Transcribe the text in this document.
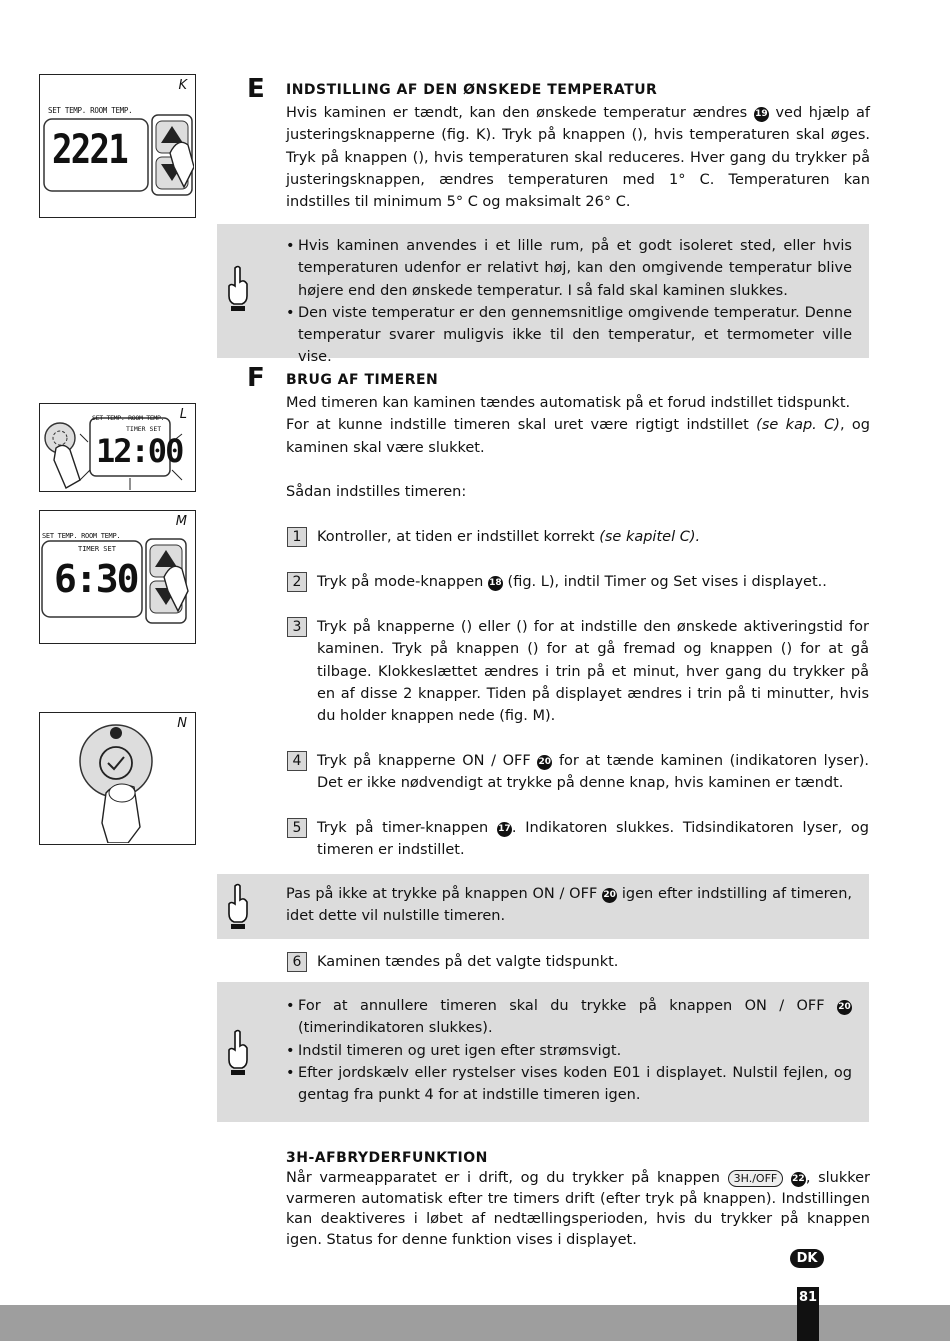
K
SET TEMP. ROOM TEMP.
2221
L
SET TEMP. ROOM TEMP.
TIMER SET
12:00
M
SET TEMP. ROOM TEMP.
TIMER SET
6:30
N
E INDSTILLING AF DEN ØNSKEDE TEMPERATUR

Hvis kaminen er tændt, kan den ønskede temperatur ændres 19 ved hjælp af justeringsknapperne (fig. K). Tryk på knappen (), hvis temperaturen skal øges. Tryk på knappen (), hvis temperaturen skal reduceres. Hver gang du trykker på justeringsknappen, ændres temperaturen med 1° C. Temperaturen kan indstilles til minimum 5° C og maksimalt 26° C.

• Hvis kaminen anvendes i et lille rum, på et godt isoleret sted, eller hvis temperaturen udenfor er relativt høj, kan den omgivende temperatur blive højere end den ønskede temperatur. I så fald skal kaminen slukkes.
• Den viste temperatur er den gennemsnitlige omgivende temperatur. Denne temperatur svarer muligvis ikke til den temperatur, et termometer ville vise.
F BRUG AF TIMEREN

Med timeren kan kaminen tændes automatisk på et forud indstillet tidspunkt.

For at kunne indstille timeren skal uret være rigtigt indstillet (se kap. C), og kaminen skal være slukket.

Sådan indstilles timeren:

1	Kontroller, at tiden er indstillet korrekt (se kapitel C).

2	Tryk på mode-knappen 18 (fig. L), indtil Timer og Set vises i displayet..

3	Tryk på knapperne () eller () for at indstille den ønskede aktiveringstid for kaminen. Tryk på knappen () for at gå fremad og knappen () for at gå tilbage. Klokkeslættet ændres i trin på et minut, hver gang du trykker på en af disse 2 knapper. Tiden på displayet ændres i trin på ti minutter, hvis du holder knappen nede (fig. M).

4	Tryk på knapperne ON / OFF 20 for at tænde kaminen (indikatoren lyser). Det er ikke nødvendigt at trykke på denne knap, hvis kaminen er tændt.

5	Tryk på timer-knappen 17. Indikatoren slukkes. Tidsindikatoren lyser, og timeren er indstillet.

Pas på ikke at trykke på knappen ON / OFF 20 igen efter indstilling af timeren, idet dette vil nulstille timeren.

6	Kaminen tændes på det valgte tidspunkt.

• For at annullere timeren skal du trykke på knappen ON / OFF 20 (timerindikatoren slukkes).
• Indstil timeren og uret igen efter strømsvigt.
• Efter jordskælv eller rystelser vises koden E01 i displayet. Nulstil fejlen, og gentag fra punkt 4 for at indstille timeren igen.

3H-AFBRYDERFUNKTION

Når varmeapparatet er i drift, og du trykker på knappen 3H./OFF 22, slukker varmeren automatisk efter tre timers drift (efter tryk på knappen). Indstillingen kan deaktiveres i løbet af nedtællingsperioden, hvis du trykker på knappen igen. Status for denne funktion vises i displayet.

DK
81
